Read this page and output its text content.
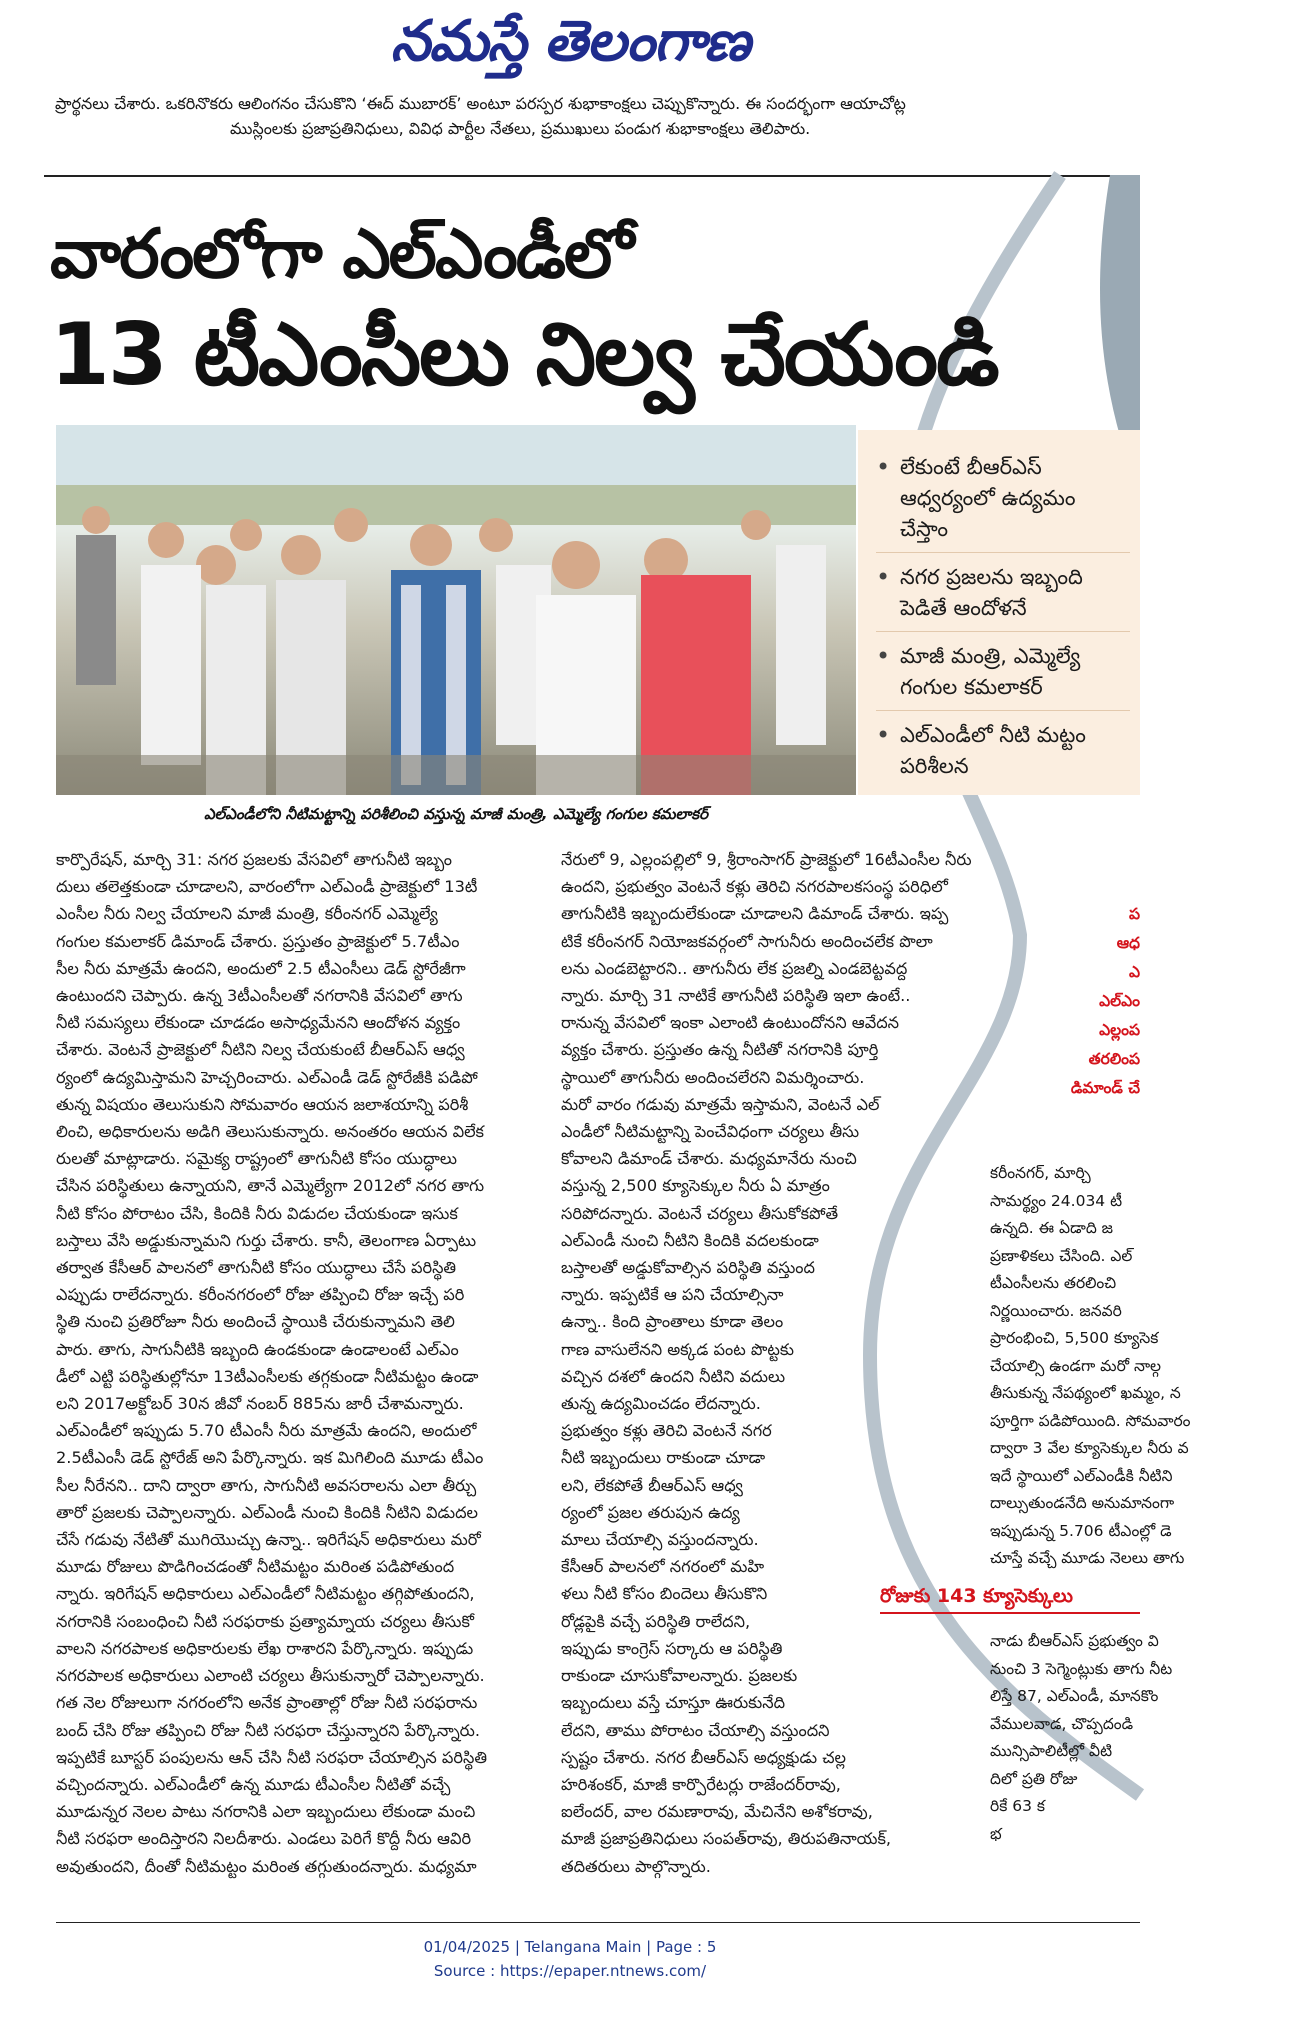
నమస్తే తెలంగాణ
ప్రార్థనలు చేశారు. ఒకరినొకరు ఆలింగనం చేసుకొని ‘ఈద్ ముబారక్’ అంటూ పరస్పర శుభాకాంక్షలు చెప్పుకొన్నారు. ఈ సందర్భంగా ఆయాచోట్ల
ముస్లింలకు ప్రజాప్రతినిధులు, వివిధ పార్టీల నేతలు, ప్రముఖులు పండుగ శుభాకాంక్షలు తెలిపారు.
వారంలోగా ఎల్ఎండీలో
13 టీఎంసీలు నిల్వ చేయండి
• లేకుంటే బీఆర్ఎస్ ఆధ్వర్యంలో ఉద్యమం చేస్తాం
• నగర ప్రజలను ఇబ్బంది పెడితే ఆందోళనే
• మాజీ మంత్రి, ఎమ్మెల్యే గంగుల కమలాకర్
• ఎల్ఎండీలో నీటి మట్టం పరిశీలన
ఎల్ఎండీలోని నీటిమట్టాన్ని పరిశీలించి వస్తున్న మాజీ మంత్రి, ఎమ్మెల్యే గంగుల కమలాకర్

కార్పొరేషన్, మార్చి 31: నగర ప్రజలకు వేసవిలో తాగునీటి ఇబ్బం

దులు తలెత్తకుండా చూడాలని, వారంలోగా ఎల్ఎండీ ప్రాజెక్టులో 13టీ

ఎంసీల నీరు నిల్వ చేయాలని మాజీ మంత్రి, కరీంనగర్ ఎమ్మెల్యే

గంగుల కమలాకర్ డిమాండ్ చేశారు. ప్రస్తుతం ప్రాజెక్టులో 5.7టీఎం

సీల నీరు మాత్రమే ఉందని, అందులో 2.5 టీఎంసీలు డెడ్ స్టోరేజీగా

ఉంటుందని చెప్పారు. ఉన్న 3టీఎంసీలతో నగరానికి వేసవిలో తాగు

నీటి సమస్యలు లేకుండా చూడడం అసాధ్యమేనని ఆందోళన వ్యక్తం

చేశారు. వెంటనే ప్రాజెక్టులో నీటిని నిల్వ చేయకుంటే బీఆర్ఎస్ ఆధ్వ

ర్యంలో ఉద్యమిస్తామని హెచ్చరించారు. ఎల్ఎండీ డెడ్ స్టోరేజీకి పడిపో

తున్న విషయం తెలుసుకుని సోమవారం ఆయన జలాశయాన్ని పరిశీ

లించి, అధికారులను అడిగి తెలుసుకున్నారు. అనంతరం ఆయన విలేక

రులతో మాట్లాడారు. సమైక్య రాష్ట్రంలో తాగునీటి కోసం యుద్ధాలు

చేసిన పరిస్థితులు ఉన్నాయని, తానే ఎమ్మెల్యేగా 2012లో నగర తాగు

నీటి కోసం పోరాటం చేసి, కిందికి నీరు విడుదల చేయకుండా ఇసుక

బస్తాలు వేసి అడ్డుకున్నామని గుర్తు చేశారు. కానీ, తెలంగాణ ఏర్పాటు

తర్వాత కేసీఆర్ పాలనలో తాగునీటి కోసం యుద్ధాలు చేసే పరిస్థితి

ఎప్పుడు రాలేదన్నారు. కరీంనగరంలో రోజు తప్పించి రోజు ఇచ్చే పరి

స్థితి నుంచి ప్రతిరోజూ నీరు అందించే స్థాయికి చేరుకున్నామని తెలి

పారు. తాగు, సాగునీటికి ఇబ్బంది ఉండకుండా ఉండాలంటే ఎల్ఎం

డీలో ఎట్టి పరిస్థితుల్లోనూ 13టీఎంసీలకు తగ్గకుండా నీటిమట్టం ఉండా

లని 2017అక్టోబర్ 30న జీవో నంబర్ 885ను జారీ చేశామన్నారు.

ఎల్ఎండీలో ఇప్పుడు 5.70 టీఎంసీ నీరు మాత్రమే ఉందని, అందులో

2.5టీఎంసీ డెడ్ స్టోరేజ్ అని పేర్కొన్నారు. ఇక మిగిలింది మూడు టీఎం

సీల నీరేనని.. దాని ద్వారా తాగు, సాగునీటి అవసరాలను ఎలా తీర్చు

తారో ప్రజలకు చెప్పాలన్నారు. ఎల్ఎండీ నుంచి కిందికి నీటిని విడుదల

చేసే గడువు నేటితో ముగియొచ్చు ఉన్నా.. ఇరిగేషన్ అధికారులు మరో

మూడు రోజులు పొడిగించడంతో నీటిమట్టం మరింత పడిపోతుంద

న్నారు. ఇరిగేషన్ అధికారులు ఎల్ఎండీలో నీటిమట్టం తగ్గిపోతుందని,

నగరానికి సంబంధించి నీటి సరఫరాకు ప్రత్యామ్నాయ చర్యలు తీసుకో

వాలని నగరపాలక అధికారులకు లేఖ రాశారని పేర్కొన్నారు. ఇప్పుడు

నగరపాలక అధికారులు ఎలాంటి చర్యలు తీసుకున్నారో చెప్పాలన్నారు.

గత నెల రోజులుగా నగరంలోని అనేక ప్రాంతాల్లో రోజు నీటి సరఫరాను

బంద్ చేసి రోజు తప్పించి రోజు నీటి సరఫరా చేస్తున్నారని పేర్కొన్నారు.

ఇప్పటికే బూస్టర్ పంపులను ఆన్ చేసి నీటి సరఫరా చేయాల్సిన పరిస్థితి

వచ్చిందన్నారు. ఎల్ఎండీలో ఉన్న మూడు టీఎంసీల నీటితో వచ్చే

మూడున్నర నెలల పాటు నగరానికి ఎలా ఇబ్బందులు లేకుండా మంచి

నీటి సరఫరా అందిస్తారని నిలదీశారు. ఎండలు పెరిగే కొద్దీ నీరు ఆవిరి

అవుతుందని, దీంతో నీటిమట్టం మరింత తగ్గుతుందన్నారు. మధ్యమా

నేరులో 9, ఎల్లంపల్లిలో 9, శ్రీరాంసాగర్ ప్రాజెక్టులో 16టీఎంసీల నీరు

ఉందని, ప్రభుత్వం వెంటనే కళ్లు తెరిచి నగరపాలకసంస్థ పరిధిలో

తాగునీటికి ఇబ్బందులేకుండా చూడాలని డిమాండ్ చేశారు. ఇప్ప

టికే కరీంనగర్ నియోజకవర్గంలో సాగునీరు అందించలేక పొలా

లను ఎండబెట్టారని.. తాగునీరు లేక ప్రజల్ని ఎండబెట్టవద్ద

న్నారు. మార్చి 31 నాటికే తాగునీటి పరిస్థితి ఇలా ఉంటే..

రానున్న వేసవిలో ఇంకా ఎలాంటి ఉంటుందోనని ఆవేదన

వ్యక్తం చేశారు. ప్రస్తుతం ఉన్న నీటితో నగరానికి పూర్తి

స్థాయిలో తాగునీరు అందించలేరని విమర్శించారు.

మరో వారం గడువు మాత్రమే ఇస్తామని, వెంటనే ఎల్

ఎండీలో నీటిమట్టాన్ని పెంచేవిధంగా చర్యలు తీసు

కోవాలని డిమాండ్ చేశారు. మధ్యమానేరు నుంచి

వస్తున్న 2,500 క్యూసెక్కుల నీరు ఏ మాత్రం

సరిపోదన్నారు. వెంటనే చర్యలు తీసుకోకపోతే

ఎల్ఎండీ నుంచి నీటిని కిందికి వదలకుండా

బస్తాలతో అడ్డుకోవాల్సిన పరిస్థితి వస్తుంద

న్నారు. ఇప్పటికే ఆ పని చేయాల్సినా

ఉన్నా.. కింది ప్రాంతాలు కూడా తెలం

గాణ వాసులేనని అక్కడ పంట పొట్టకు

వచ్చిన దశలో ఉందని నీటిని వదులు

తున్న ఉద్యమించడం లేదన్నారు.

ప్రభుత్వం కళ్లు తెరిచి వెంటనే నగర

నీటి ఇబ్బందులు రాకుండా చూడా

లని, లేకపోతే బీఆర్ఎస్ ఆధ్వ

ర్యంలో ప్రజల తరుపున ఉద్య

మాలు చేయాల్సి వస్తుందన్నారు.

కేసీఆర్ పాలనలో నగరంలో మహి

ళలు నీటి కోసం బిందెలు తీసుకొని

రోడ్లపైకి వచ్చే పరిస్థితి రాలేదని,

ఇప్పుడు కాంగ్రెస్ సర్కారు ఆ పరిస్థితి

రాకుండా చూసుకోవాలన్నారు. ప్రజలకు

ఇబ్బందులు వస్తే చూస్తూ ఊరుకునేది

లేదని, తాము పోరాటం చేయాల్సి వస్తుందని

స్పష్టం చేశారు. నగర బీఆర్ఎస్ అధ్యక్షుడు చల్ల

హరిశంకర్, మాజీ కార్పొరేటర్లు రాజేందర్‌రావు,

ఐలేందర్, వాల రమణారావు, మేచినేని అశోకరావు,

మాజీ ప్రజాప్రతినిధులు సంపత్‌రావు, తిరుపతినాయక్,

తదితరులు పాల్గొన్నారు.

ప

ఆధ

ఎ

ఎల్ఎం

ఎల్లంప

తరలింప

డిమాండ్ చే

కరీంనగర్, మార్చి

సామర్థ్యం 24.034 టీ

ఉన్నది. ఈ ఏడాది జ

ప్రణాళికలు చేసింది. ఎల్

టీఎంసీలను తరలించి

నిర్ణయించారు. జనవరి

ప్రారంభించి, 5,500 క్యూసెక

చేయాల్సి ఉండగా మరో నాల్గ

తీసుకున్న నేపథ్యంలో ఖమ్మం, న

పూర్తిగా పడిపోయింది. సోమవారం

ద్వారా 3 వేల క్యూసెక్కుల నీరు వ

ఇదే స్థాయిలో ఎల్ఎండీకి నీటిని

దాల్సుతుండనేది అనుమానంగా

ఇప్పుడున్న 5.706 టీఎంల్లో డె

చూస్తే వచ్చే మూడు నెలలు తాగు

రోజుకు 143 క్యూసెక్కులు

నాడు బీఆర్ఎస్ ప్రభుత్వం వి

నుంచి 3 సెగ్మెంట్లుకు తాగు నీట

లిస్తే 87, ఎల్ఎండీ, మానకొం

వేములవాడ, చొప్పదండి

మున్సిపాలిటీల్లో వీటి

దిలో ప్రతి రోజు

రికే 63 క

భ

01/04/2025 | Telangana Main | Page : 5
Source : https://epaper.ntnews.com/
